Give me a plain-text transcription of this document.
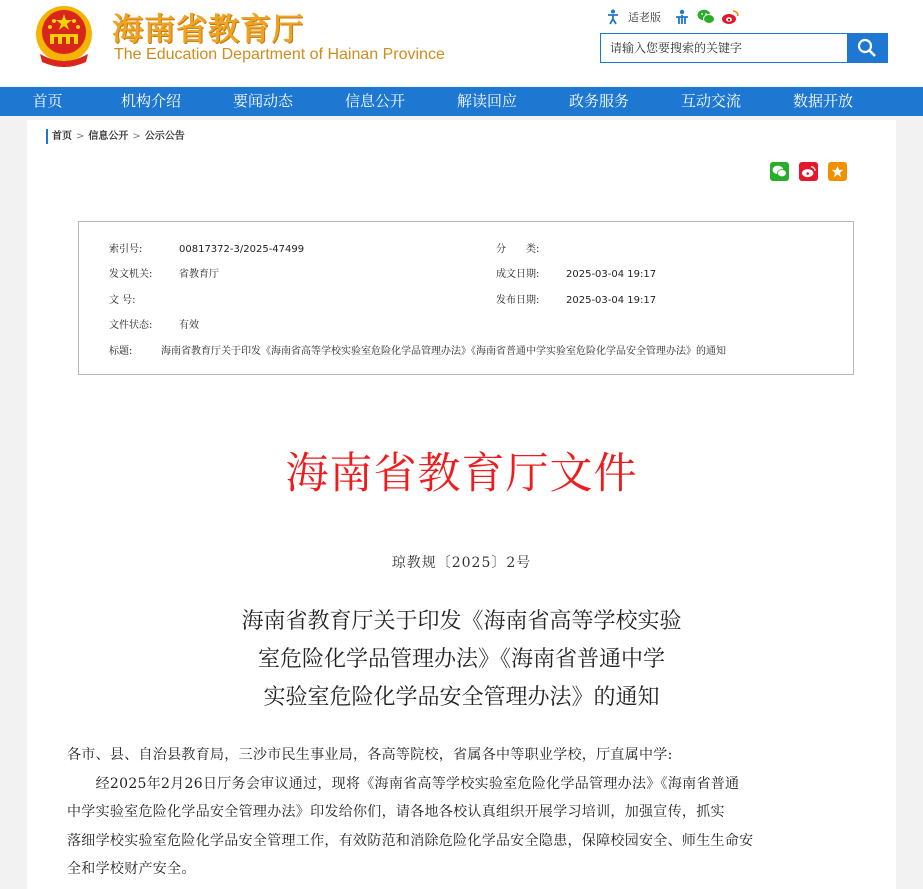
海南省教育厅
The Education Department of Hainan Province
适老版
请输入您要搜索的关键字
首页	机构介绍	要闻动态	信息公开	解读回应	政务服务	互动交流	数据开放
首页 > 信息公开 > 公示公告
索引号:	00817372-3/2025-47499	分　　类:
发文机关:	省教育厅	成文日期:	2025-03-04 19:17
文 号:	发布日期:	2025-03-04 19:17
文件状态:	有效
标题:	海南省教育厅关于印发《海南省高等学校实验室危险化学品管理办法》《海南省普通中学实验室危险化学品安全管理办法》的通知
海南省教育厅文件
琼教规〔2025〕2号
海南省教育厅关于印发《海南省高等学校实验
室危险化学品管理办法》《海南省普通中学
实验室危险化学品安全管理办法》的通知
各市、县、自治县教育局，三沙市民生事业局，各高等院校，省属各中等职业学校，厅直属中学:
　　经2025年2月26日厅务会审议通过，现将《海南省高等学校实验室危险化学品管理办法》《海南省普通
中学实验室危险化学品安全管理办法》印发给你们，请各地各校认真组织开展学习培训，加强宣传，抓实
落细学校实验室危险化学品安全管理工作，有效防范和消除危险化学品安全隐患，保障校园安全、师生生命安
全和学校财产安全。
